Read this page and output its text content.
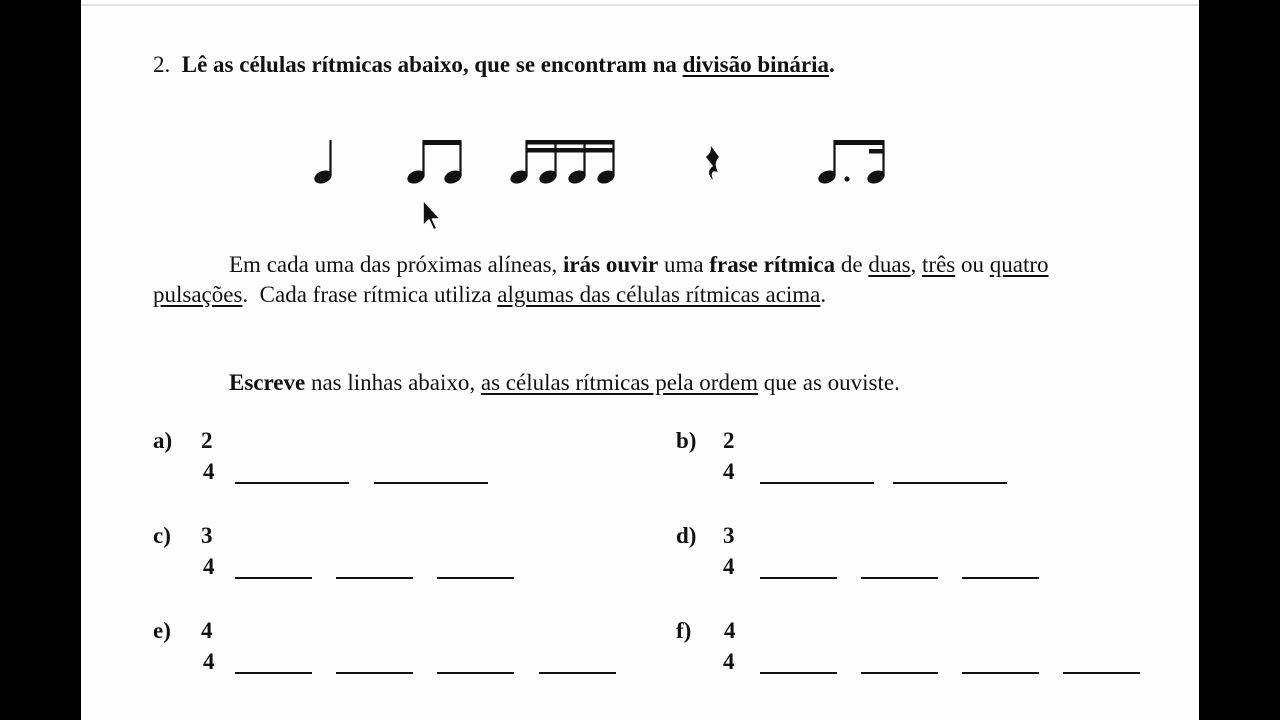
2. Lê as células rítmicas abaixo, que se encontram na divisão binária.
Em cada uma das próximas alíneas, irás ouvir uma frase rítmica de duas, três ou quatro
pulsações.  Cada frase rítmica utiliza algumas das células rítmicas acima.
Escreve nas linhas abaixo, as células rítmicas pela ordem que as ouviste.
a) 2
4
b) 2
4
c) 3
4
d) 3
4
e) 4
4
f) 4
4
